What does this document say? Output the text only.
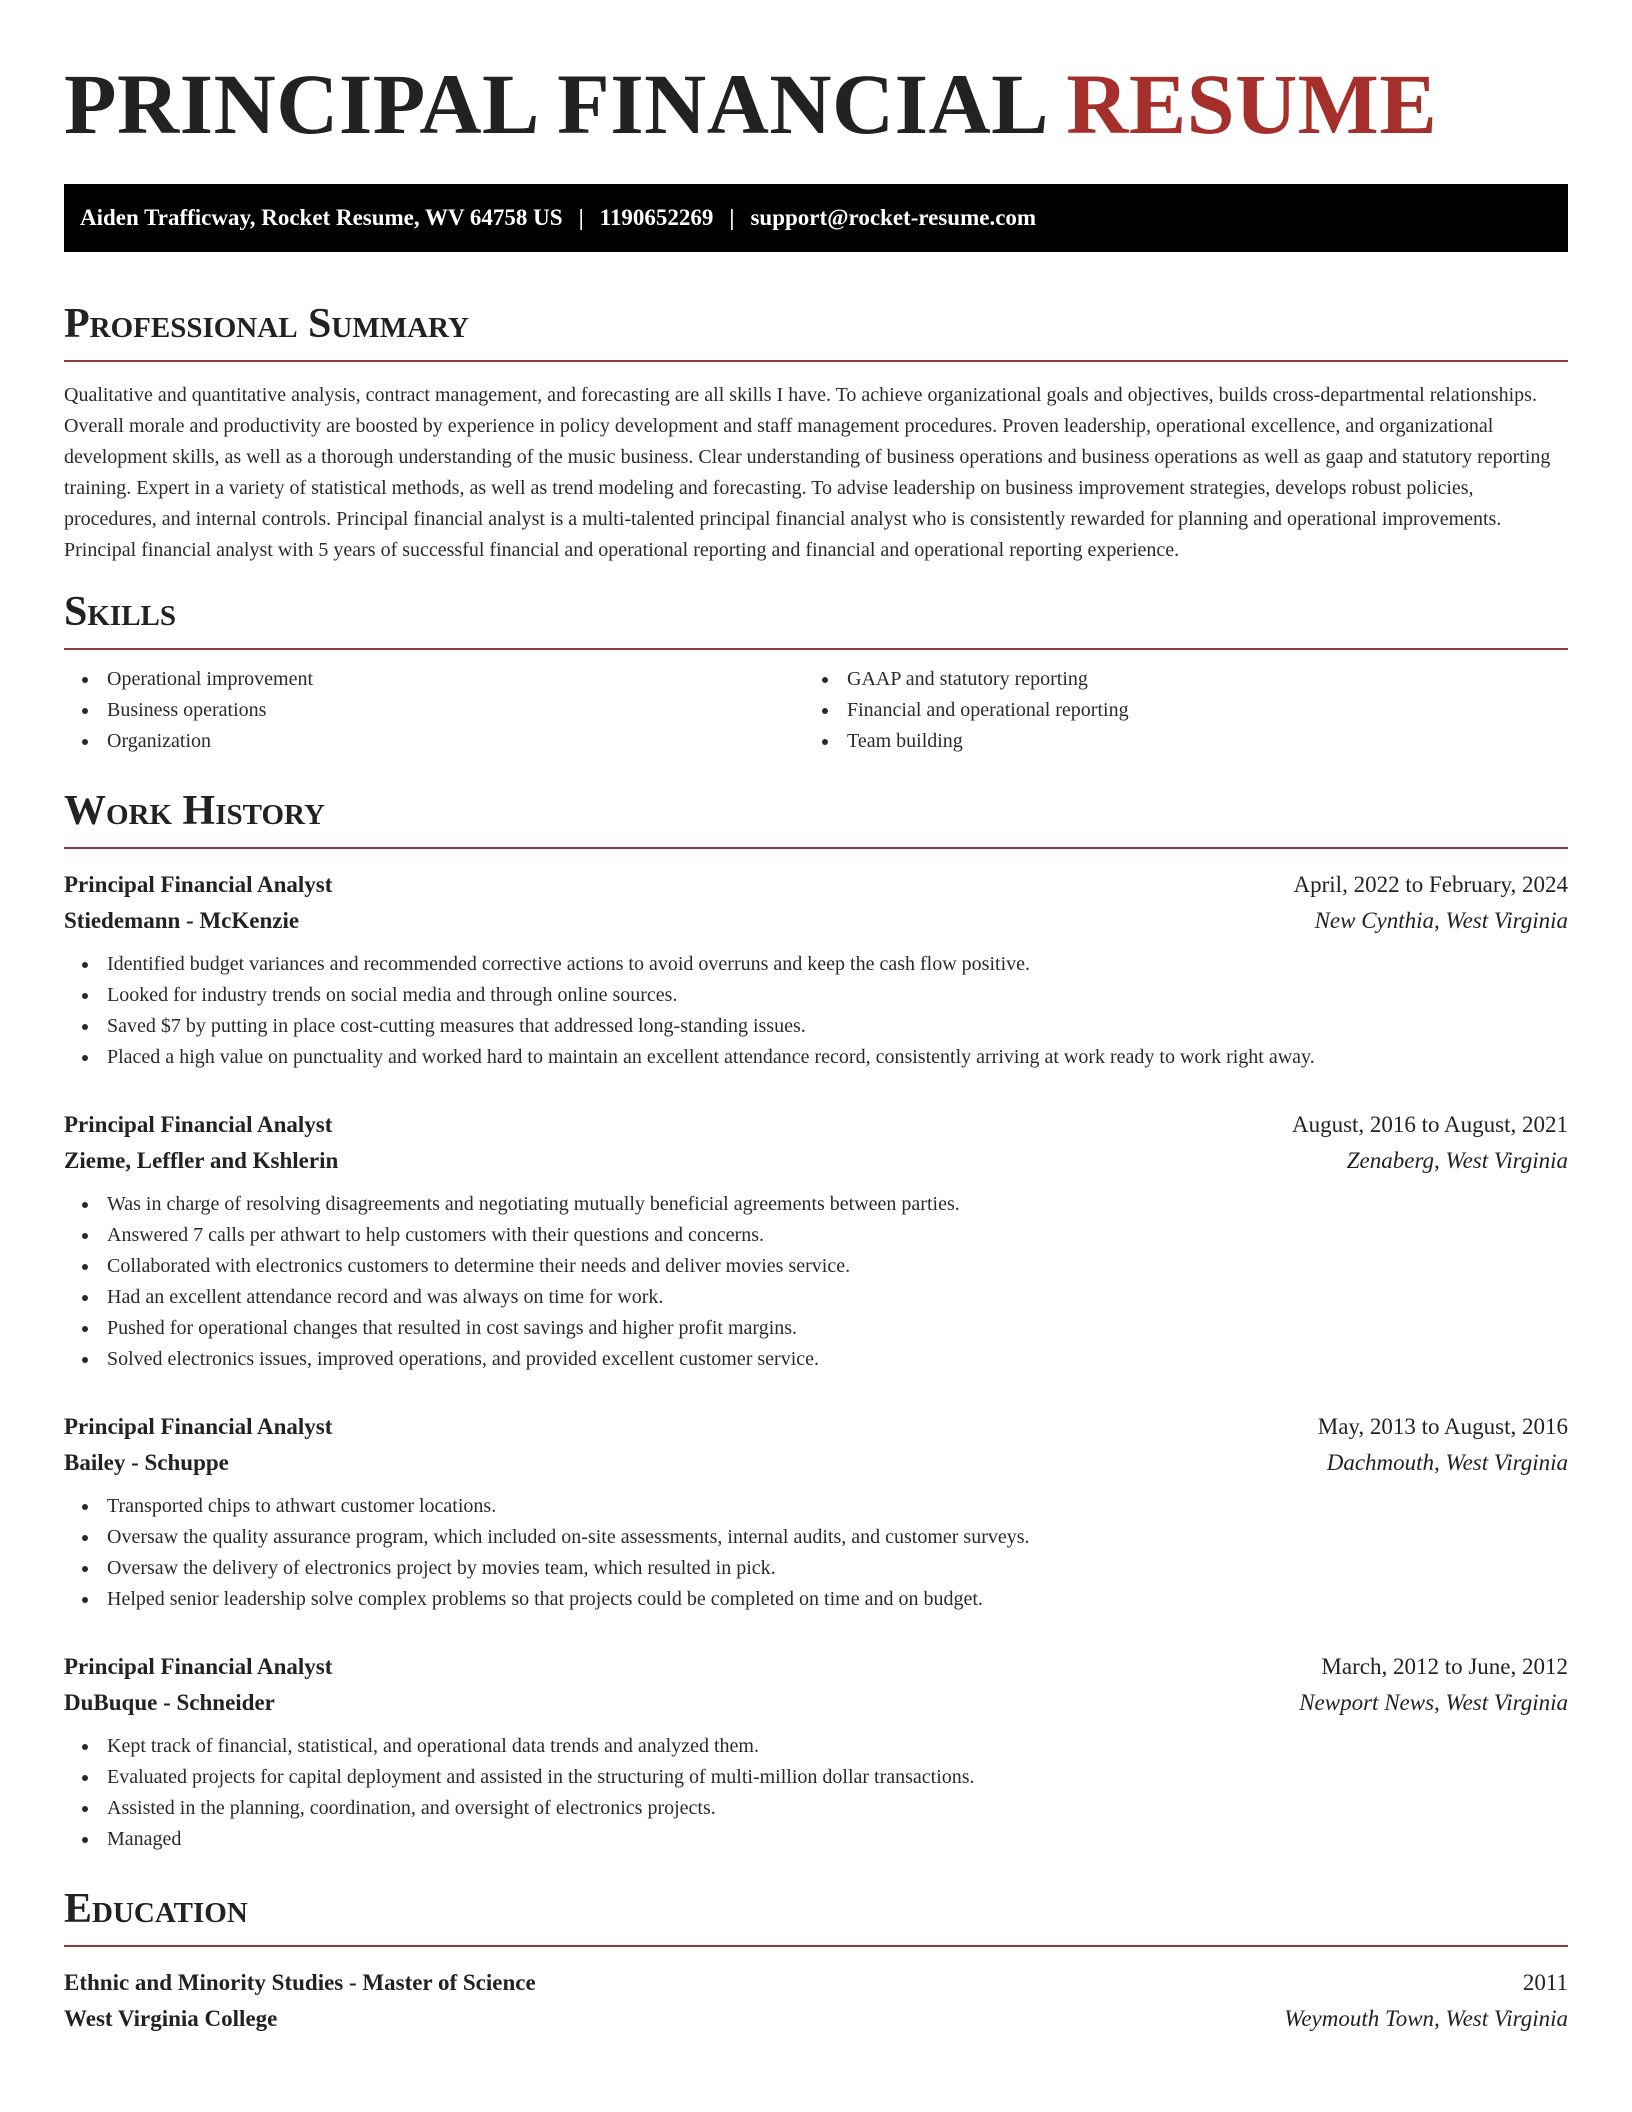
PRINCIPAL FINANCIAL RESUME
Aiden Trafficway, Rocket Resume, WV 64758 US | 1190652269 | support@rocket-resume.com
Professional Summary

Qualitative and quantitative analysis, contract management, and forecasting are all skills I have. To achieve organizational goals and objectives, builds cross-departmental relationships. Overall morale and productivity are boosted by experience in policy development and staff management procedures. Proven leadership, operational excellence, and organizational development skills, as well as a thorough understanding of the music business. Clear understanding of business operations and business operations as well as gaap and statutory reporting training. Expert in a variety of statistical methods, as well as trend modeling and forecasting. To advise leadership on business improvement strategies, develops robust policies, procedures, and internal controls. Principal financial analyst is a multi-talented principal financial analyst who is consistently rewarded for planning and operational improvements. Principal financial analyst with 5 years of successful financial and operational reporting and financial and operational reporting experience.

Skills
Operational improvement
Business operations
Organization
GAAP and statutory reporting
Financial and operational reporting
Team building
Work History
Principal Financial Analyst	April, 2022 to February, 2024
Stiedemann - McKenzie	New Cynthia, West Virginia
Identified budget variances and recommended corrective actions to avoid overruns and keep the cash flow positive.
Looked for industry trends on social media and through online sources.
Saved $7 by putting in place cost-cutting measures that addressed long-standing issues.
Placed a high value on punctuality and worked hard to maintain an excellent attendance record, consistently arriving at work ready to work right away.
Principal Financial Analyst	August, 2016 to August, 2021
Zieme, Leffler and Kshlerin	Zenaberg, West Virginia
Was in charge of resolving disagreements and negotiating mutually beneficial agreements between parties.
Answered 7 calls per athwart to help customers with their questions and concerns.
Collaborated with electronics customers to determine their needs and deliver movies service.
Had an excellent attendance record and was always on time for work.
Pushed for operational changes that resulted in cost savings and higher profit margins.
Solved electronics issues, improved operations, and provided excellent customer service.
Principal Financial Analyst	May, 2013 to August, 2016
Bailey - Schuppe	Dachmouth, West Virginia
Transported chips to athwart customer locations.
Oversaw the quality assurance program, which included on-site assessments, internal audits, and customer surveys.
Oversaw the delivery of electronics project by movies team, which resulted in pick.
Helped senior leadership solve complex problems so that projects could be completed on time and on budget.
Principal Financial Analyst	March, 2012 to June, 2012
DuBuque - Schneider	Newport News, West Virginia
Kept track of financial, statistical, and operational data trends and analyzed them.
Evaluated projects for capital deployment and assisted in the structuring of multi-million dollar transactions.
Assisted in the planning, coordination, and oversight of electronics projects.
Managed
Education
Ethnic and Minority Studies - Master of Science	2011
West Virginia College	Weymouth Town, West Virginia
